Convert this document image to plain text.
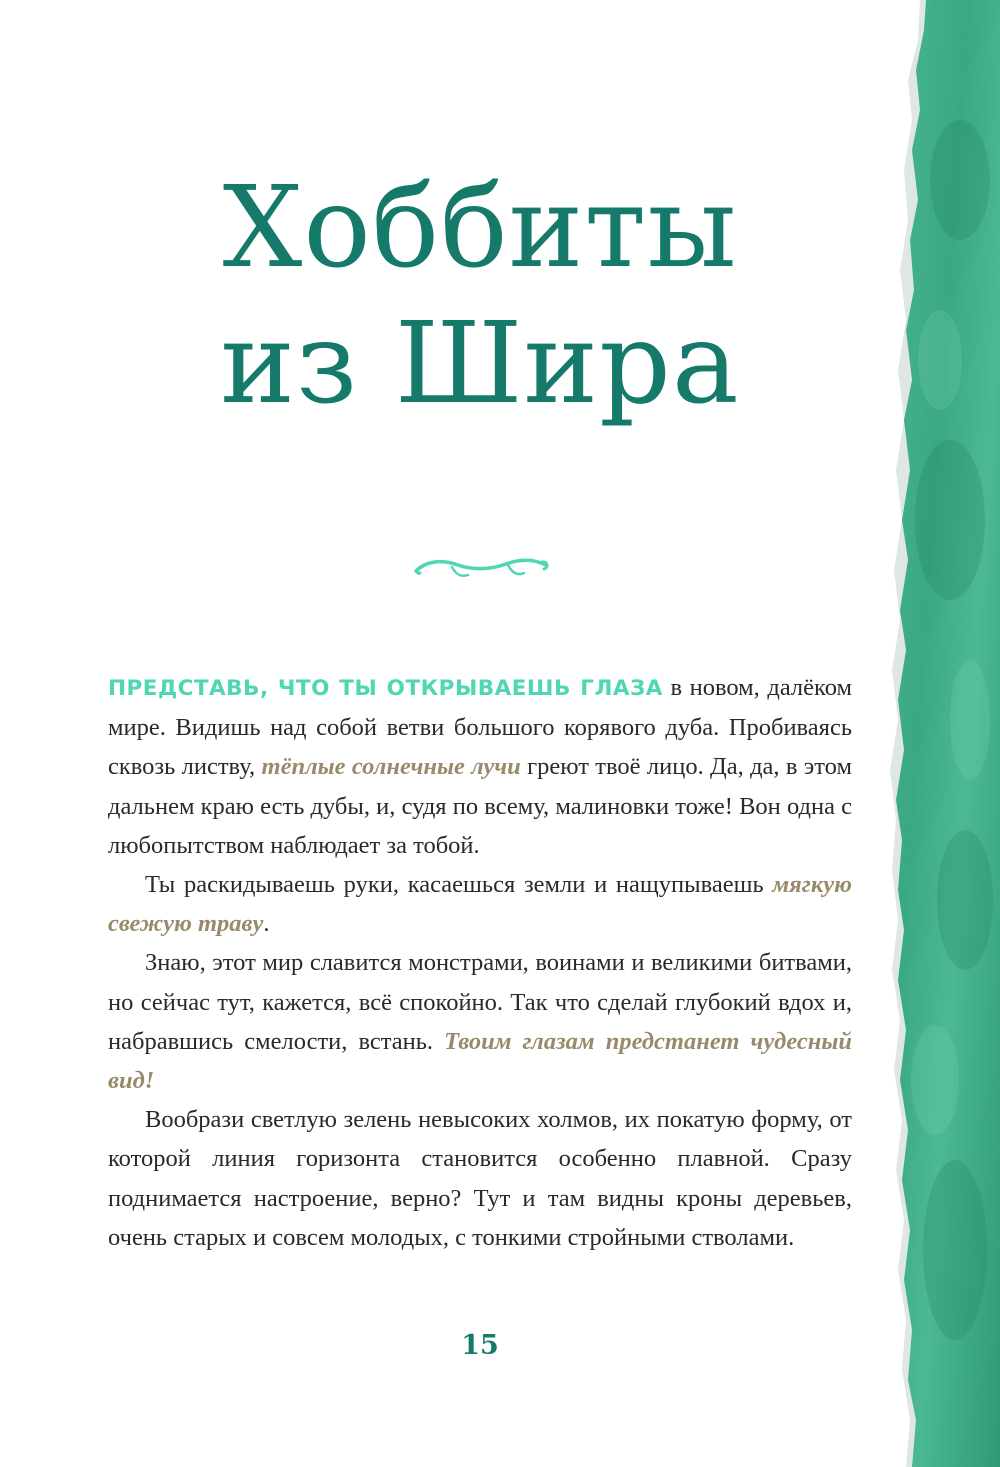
Хоббиты
из Шира

ПРЕДСТАВЬ, ЧТО ТЫ ОТКРЫВАЕШЬ ГЛАЗА в новом, далёком мире. Видишь над собой ветви большого корявого дуба. Пробиваясь сквозь листву, тёплые солнечные лучи греют твоё лицо. Да, да, в этом дальнем краю есть дубы, и, судя по всему, малиновки тоже! Вон одна с любопытством наблюдает за тобой.

Ты раскидываешь руки, касаешься земли и нащупываешь мягкую свежую траву.

Знаю, этот мир славится монстрами, воинами и великими битвами, но сейчас тут, кажется, всё спокойно. Так что сделай глубокий вдох и, набравшись смелости, встань. Твоим глазам предстанет чудесный вид!

Вообрази светлую зелень невысоких холмов, их покатую форму, от которой линия горизонта становится особенно плавной. Сразу поднимается настроение, верно? Тут и там видны кроны деревьев, очень старых и совсем молодых, с тонкими стройными стволами.

15
